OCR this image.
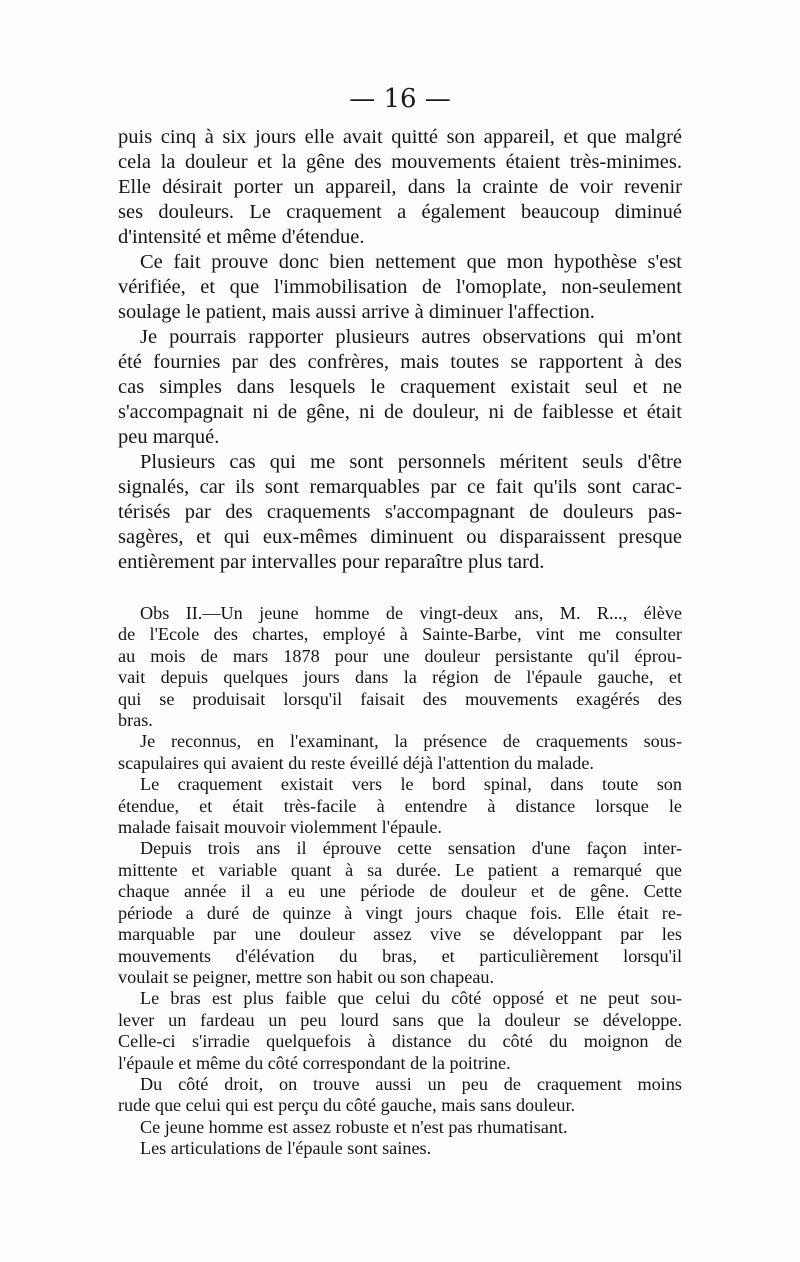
— 16 —
puis cinq à six jours elle avait quitté son appareil, et que malgré
cela la douleur et la gêne des mouvements étaient très-minimes.
Elle désirait porter un appareil, dans la crainte de voir revenir
ses douleurs. Le craquement a également beaucoup diminué
d'intensité et même d'étendue.
Ce fait prouve donc bien nettement que mon hypothèse s'est
vérifiée, et que l'immobilisation de l'omoplate, non-seulement
soulage le patient, mais aussi arrive à diminuer l'affection.
Je pourrais rapporter plusieurs autres observations qui m'ont
été fournies par des confrères, mais toutes se rapportent à des
cas simples dans lesquels le craquement existait seul et ne
s'accompagnait ni de gêne, ni de douleur, ni de faiblesse et était
peu marqué.
Plusieurs cas qui me sont personnels méritent seuls d'être
signalés, car ils sont remarquables par ce fait qu'ils sont carac-
térisés par des craquements s'accompagnant de douleurs pas-
sagères, et qui eux-mêmes diminuent ou disparaissent presque
entièrement par intervalles pour reparaître plus tard.
Obs II.—Un jeune homme de vingt-deux ans, M. R..., élève
de l'Ecole des chartes, employé à Sainte-Barbe, vint me consulter
au mois de mars 1878 pour une douleur persistante qu'il éprou-
vait depuis quelques jours dans la région de l'épaule gauche, et
qui se produisait lorsqu'il faisait des mouvements exagérés des
bras.
Je reconnus, en l'examinant, la présence de craquements sous-
scapulaires qui avaient du reste éveillé déjà l'attention du malade.
Le craquement existait vers le bord spinal, dans toute son
étendue, et était très-facile à entendre à distance lorsque le
malade faisait mouvoir violemment l'épaule.
Depuis trois ans il éprouve cette sensation d'une façon inter-
mittente et variable quant à sa durée. Le patient a remarqué que
chaque année il a eu une période de douleur et de gêne. Cette
période a duré de quinze à vingt jours chaque fois. Elle était re-
marquable par une douleur assez vive se développant par les
mouvements d'élévation du bras, et particulièrement lorsqu'il
voulait se peigner, mettre son habit ou son chapeau.
Le bras est plus faible que celui du côté opposé et ne peut sou-
lever un fardeau un peu lourd sans que la douleur se développe.
Celle-ci s'irradie quelquefois à distance du côté du moignon de
l'épaule et même du côté correspondant de la poitrine.
Du côté droit, on trouve aussi un peu de craquement moins
rude que celui qui est perçu du côté gauche, mais sans douleur.
Ce jeune homme est assez robuste et n'est pas rhumatisant.
Les articulations de l'épaule sont saines.
